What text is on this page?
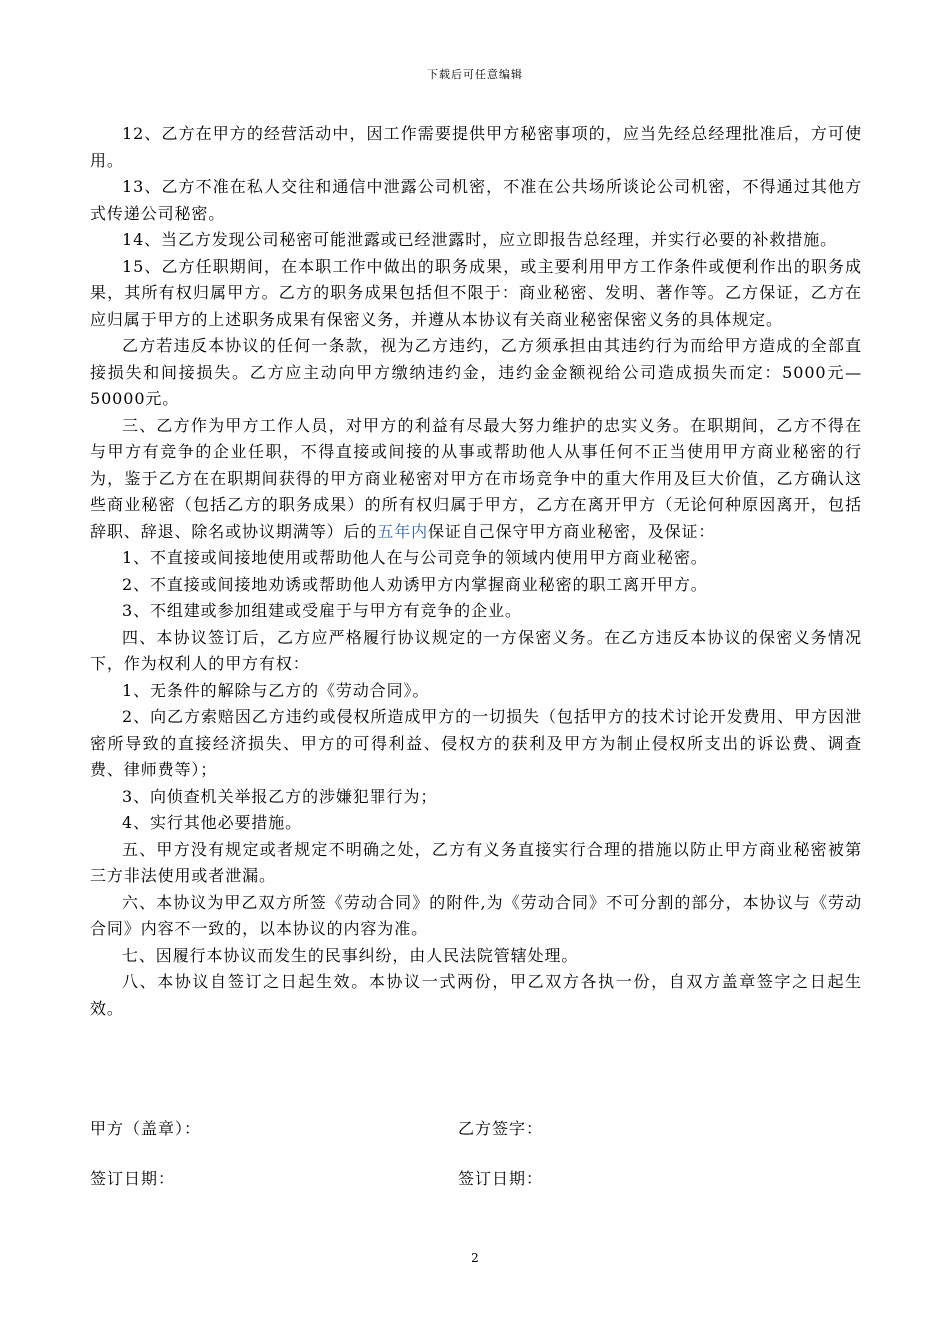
下载后可任意编辑

12、乙方在甲方的经营活动中，因工作需要提供甲方秘密事项的，应当先经总经理批准后，方可使用。

13、乙方不准在私人交往和通信中泄露公司机密，不准在公共场所谈论公司机密，不得通过其他方式传递公司秘密。

14、当乙方发现公司秘密可能泄露或已经泄露时，应立即报告总经理，并实行必要的补救措施。

15、乙方任职期间，在本职工作中做出的职务成果，或主要利用甲方工作条件或便利作出的职务成果，其所有权归属甲方。乙方的职务成果包括但不限于：商业秘密、发明、著作等。乙方保证，乙方在应归属于甲方的上述职务成果有保密义务，并遵从本协议有关商业秘密保密义务的具体规定。

乙方若违反本协议的任何一条款，视为乙方违约，乙方须承担由其违约行为而给甲方造成的全部直接损失和间接损失。乙方应主动向甲方缴纳违约金，违约金金额视给公司造成损失而定：5000元—50000元。

三、乙方作为甲方工作人员，对甲方的利益有尽最大努力维护的忠实义务。在职期间，乙方不得在与甲方有竞争的企业任职，不得直接或间接的从事或帮助他人从事任何不正当使用甲方商业秘密的行为，鉴于乙方在在职期间获得的甲方商业秘密对甲方在市场竞争中的重大作用及巨大价值，乙方确认这些商业秘密（包括乙方的职务成果）的所有权归属于甲方，乙方在离开甲方（无论何种原因离开，包括辞职、辞退、除名或协议期满等）后的五年内保证自己保守甲方商业秘密，及保证：

1、不直接或间接地使用或帮助他人在与公司竞争的领域内使用甲方商业秘密。

2、不直接或间接地劝诱或帮助他人劝诱甲方内掌握商业秘密的职工离开甲方。

3、不组建或参加组建或受雇于与甲方有竞争的企业。

四、本协议签订后，乙方应严格履行协议规定的一方保密义务。在乙方违反本协议的保密义务情况下，作为权利人的甲方有权：

1、无条件的解除与乙方的《劳动合同》。

2、向乙方索赔因乙方违约或侵权所造成甲方的一切损失（包括甲方的技术讨论开发费用、甲方因泄密所导致的直接经济损失、甲方的可得利益、侵权方的获利及甲方为制止侵权所支出的诉讼费、调查费、律师费等）；

3、向侦查机关举报乙方的涉嫌犯罪行为；

4、实行其他必要措施。

五、甲方没有规定或者规定不明确之处，乙方有义务直接实行合理的措施以防止甲方商业秘密被第三方非法使用或者泄漏。

六、本协议为甲乙双方所签《劳动合同》的附件,为《劳动合同》不可分割的部分，本协议与《劳动合同》内容不一致的，以本协议的内容为准。

七、因履行本协议而发生的民事纠纷，由人民法院管辖处理。

八、本协议自签订之日起生效。本协议一式两份，甲乙双方各执一份，自双方盖章签字之日起生效。

甲方（盖章）：	乙方签字：
签订日期：	签订日期：
2
